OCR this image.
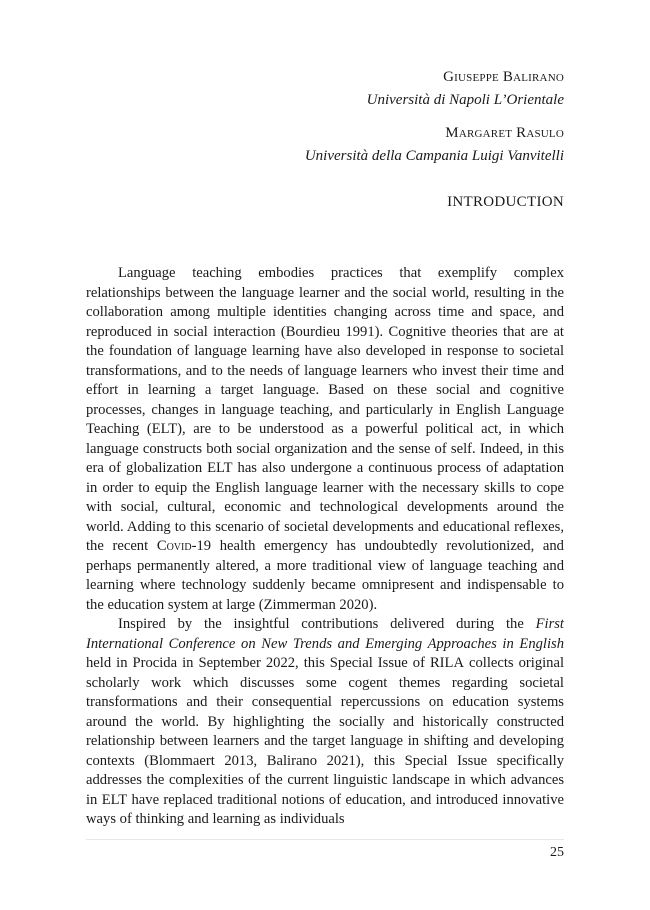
Giuseppe Balirano
Università di Napoli L’Orientale
Margaret Rasulo
Università della Campania Luigi Vanvitelli
INTRODUCTION

Language teaching embodies practices that exemplify complex relationships between the language learner and the social world, resulting in the collaboration among multiple identities changing across time and space, and reproduced in social interaction (Bourdieu 1991). Cognitive theories that are at the foundation of language learning have also developed in response to societal transformations, and to the needs of language learners who invest their time and effort in learning a target language. Based on these social and cognitive processes, changes in language teaching, and particularly in English Language Teaching (ELT), are to be understood as a powerful political act, in which language constructs both social organization and the sense of self. Indeed, in this era of globalization ELT has also undergone a continuous process of adaptation in order to equip the English language learner with the necessary skills to cope with social, cultural, economic and technological developments around the world. Adding to this scenario of societal developments and educational reflexes, the recent Covid-19 health emergency has undoubtedly revolutionized, and perhaps permanently altered, a more traditional view of language teaching and learning where technology suddenly became omnipresent and indispensable to the education system at large (Zimmerman 2020).

Inspired by the insightful contributions delivered during the First International Conference on New Trends and Emerging Approaches in English held in Procida in September 2022, this Special Issue of RILA collects original scholarly work which discusses some cogent themes regarding societal transformations and their consequential repercussions on education systems around the world. By highlighting the socially and historically constructed relationship between learners and the target language in shifting and developing contexts (Blommaert 2013, Balirano 2021), this Special Issue specifically addresses the complexities of the current linguistic landscape in which advances in ELT have replaced traditional notions of education, and introduced innovative ways of thinking and learning as individuals

25
